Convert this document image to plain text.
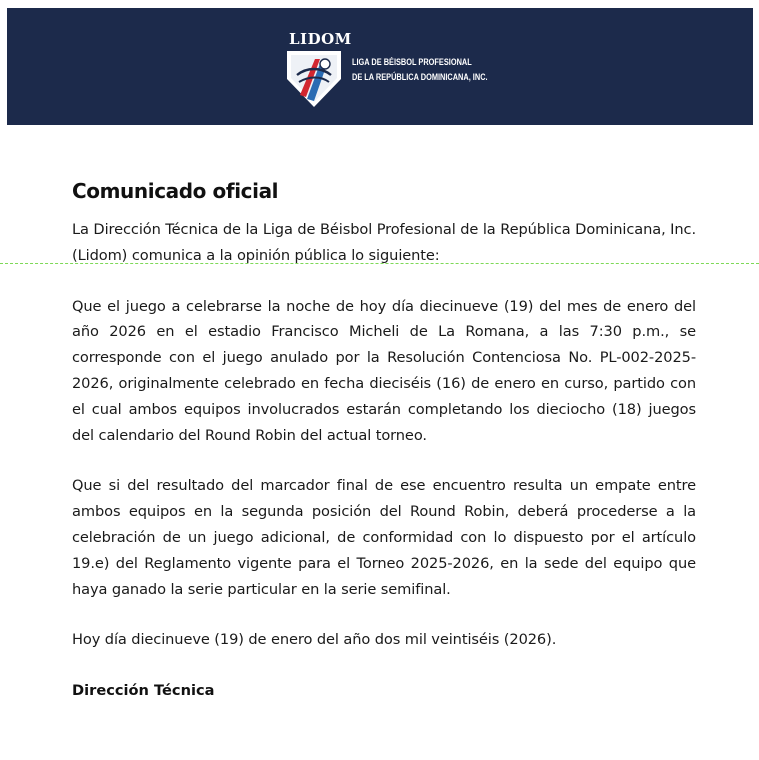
LIDOM
LIGA DE BÉISBOL PROFESIONAL
DE LA REPÚBLICA DOMINICANA, INC.
Comunicado oficial

La Dirección Técnica de la Liga de Béisbol Profesional de la República Dominicana, Inc. (Lidom) comunica a la opinión pública lo siguiente:

Que el juego a celebrarse la noche de hoy día diecinueve (19) del mes de enero del año 2026 en el estadio Francisco Micheli de La Romana, a las 7:30 p.m., se corresponde con el juego anulado por la Resolución Contenciosa No. PL-002-2025-2026, originalmente celebrado en fecha dieciséis (16) de enero en curso, partido con el cual ambos equipos involucrados estarán completando los dieciocho (18) juegos del calendario del Round Robin del actual torneo.

Que si del resultado del marcador final de ese encuentro resulta un empate entre ambos equipos en la segunda posición del Round Robin, deberá procederse a la celebración de un juego adicional, de conformidad con lo dispuesto por el artículo 19.e) del Reglamento vigente para el Torneo 2025-2026, en la sede del equipo que haya ganado la serie particular en la serie semifinal.

Hoy día diecinueve (19) de enero del año dos mil veintiséis (2026).

Dirección Técnica
